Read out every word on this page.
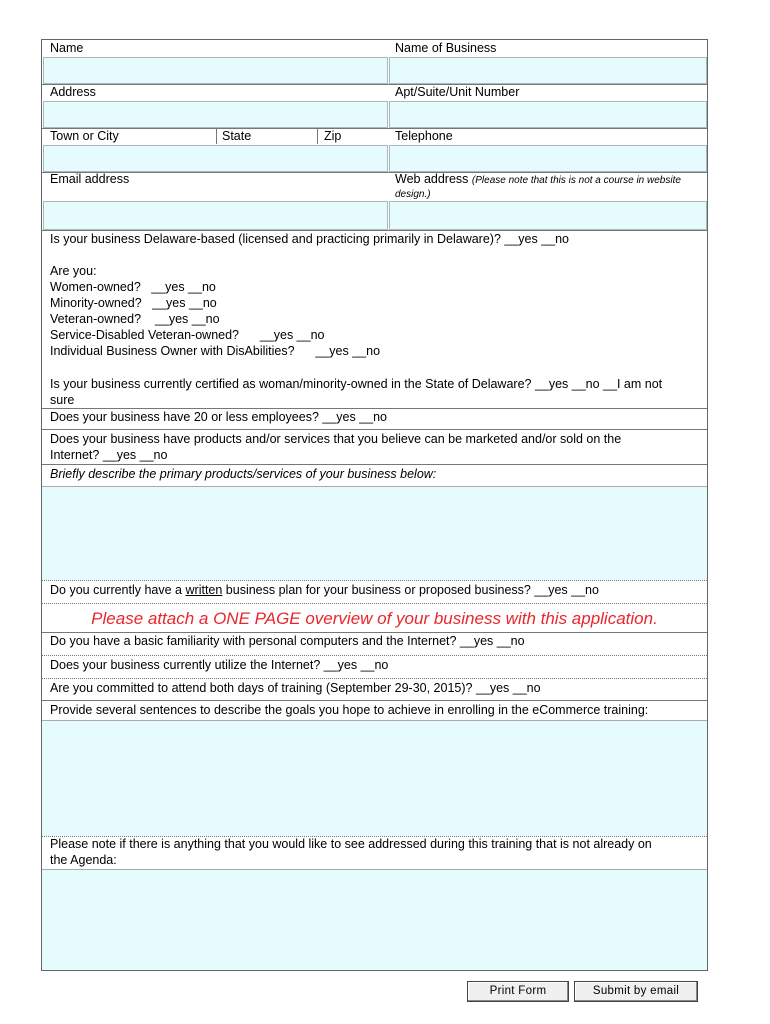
Name	Name of Business
Address	Apt/Suite/Unit Number
Town or City	State	Zip	Telephone
Email address	Web address (Please note that this is not a course in website
design.)
Is your business Delaware-based (licensed and practicing primarily in Delaware)? __yes __no
Are you:
Women-owned?   __yes __no
Minority-owned?   __yes __no
Veteran-owned?    __yes __no
Service-Disabled Veteran-owned?      __yes __no
Individual Business Owner with DisAbilities?      __yes __no
Is your business currently certified as woman/minority-owned in the State of Delaware? __yes __no __I am not
sure
Does your business have 20 or less employees? __yes __no
Does your business have products and/or services that you believe can be marketed and/or sold on the
Internet? __yes __no
Briefly describe the primary products/services of your business below:
Do you currently have a written business plan for your business or proposed business? __yes __no
Please attach a ONE PAGE overview of your business with this application.
Do you have a basic familiarity with personal computers and the Internet? __yes __no
Does your business currently utilize the Internet? __yes __no
Are you committed to attend both days of training (September 29-30, 2015)? __yes __no
Provide several sentences to describe the goals you hope to achieve in enrolling in the eCommerce training:
Please note if there is anything that you would like to see addressed during this training that is not already on
the Agenda:
Print Form	Submit by email
